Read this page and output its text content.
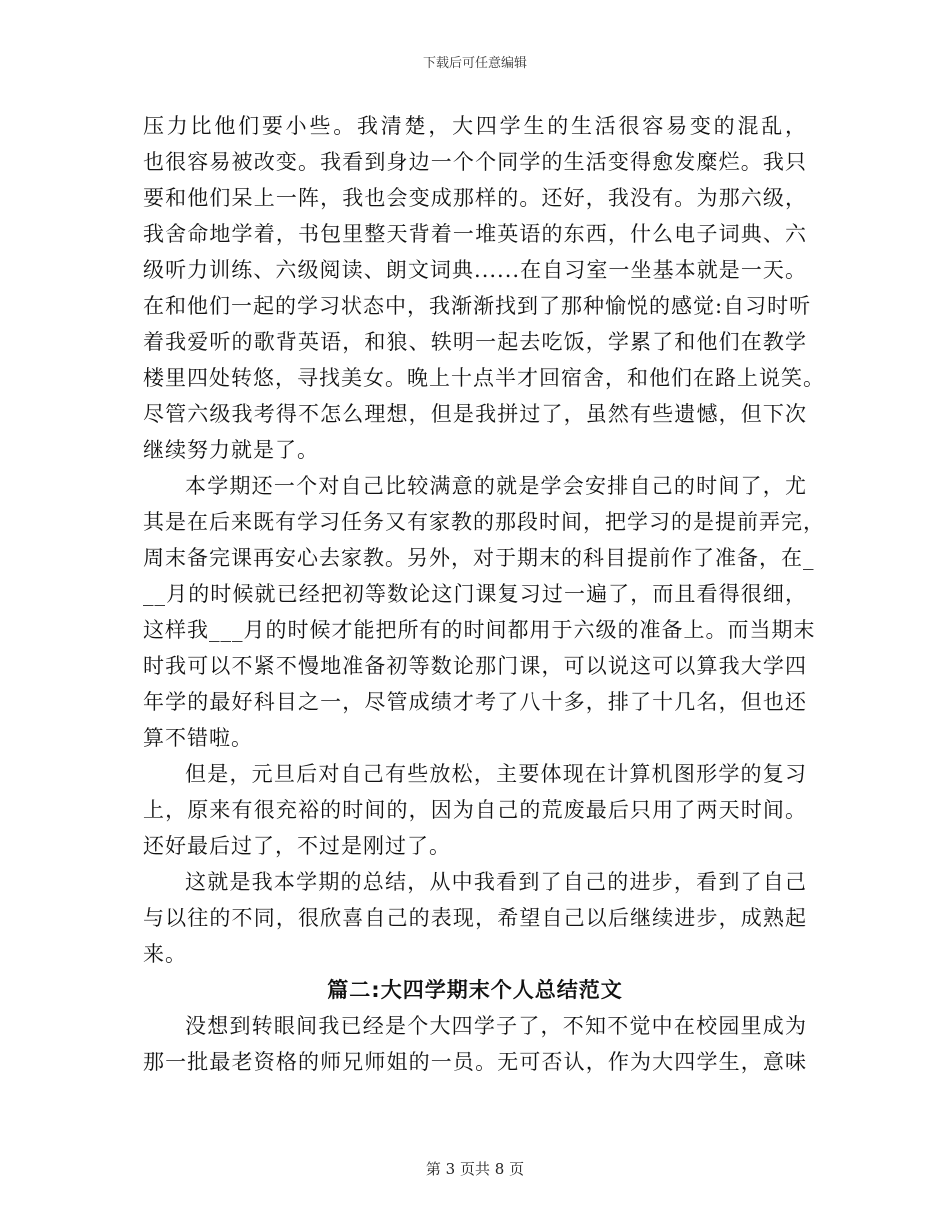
下载后可任意编辑
压力比他们要小些。我清楚，大四学生的生活很容易变的混乱，
也很容易被改变。我看到身边一个个同学的生活变得愈发糜烂。我只
要和他们呆上一阵，我也会变成那样的。还好，我没有。为那六级，
我舍命地学着，书包里整天背着一堆英语的东西，什么电子词典、六
级听力训练、六级阅读、朗文词典......在自习室一坐基本就是一天。
在和他们一起的学习状态中，我渐渐找到了那种愉悦的感觉:自习时听
着我爱听的歌背英语，和狼、轶明一起去吃饭，学累了和他们在教学
楼里四处转悠，寻找美女。晚上十点半才回宿舍，和他们在路上说笑。
尽管六级我考得不怎么理想，但是我拼过了，虽然有些遗憾，但下次
继续努力就是了。
本学期还一个对自己比较满意的就是学会安排自己的时间了，尤
其是在后来既有学习任务又有家教的那段时间，把学习的是提前弄完，
周末备完课再安心去家教。另外，对于期末的科目提前作了准备，在_
__月的时候就已经把初等数论这门课复习过一遍了，而且看得很细，
这样我___月的时候才能把所有的时间都用于六级的准备上。而当期末
时我可以不紧不慢地准备初等数论那门课，可以说这可以算我大学四
年学的最好科目之一，尽管成绩才考了八十多，排了十几名，但也还
算不错啦。
但是，元旦后对自己有些放松，主要体现在计算机图形学的复习
上，原来有很充裕的时间的，因为自己的荒废最后只用了两天时间。
还好最后过了，不过是刚过了。
这就是我本学期的总结，从中我看到了自己的进步，看到了自己
与以往的不同，很欣喜自己的表现，希望自己以后继续进步，成熟起
来。
篇二:大四学期末个人总结范文
没想到转眼间我已经是个大四学子了，不知不觉中在校园里成为
那一批最老资格的师兄师姐的一员。无可否认，作为大四学生，意味
第 3 页共 8 页
